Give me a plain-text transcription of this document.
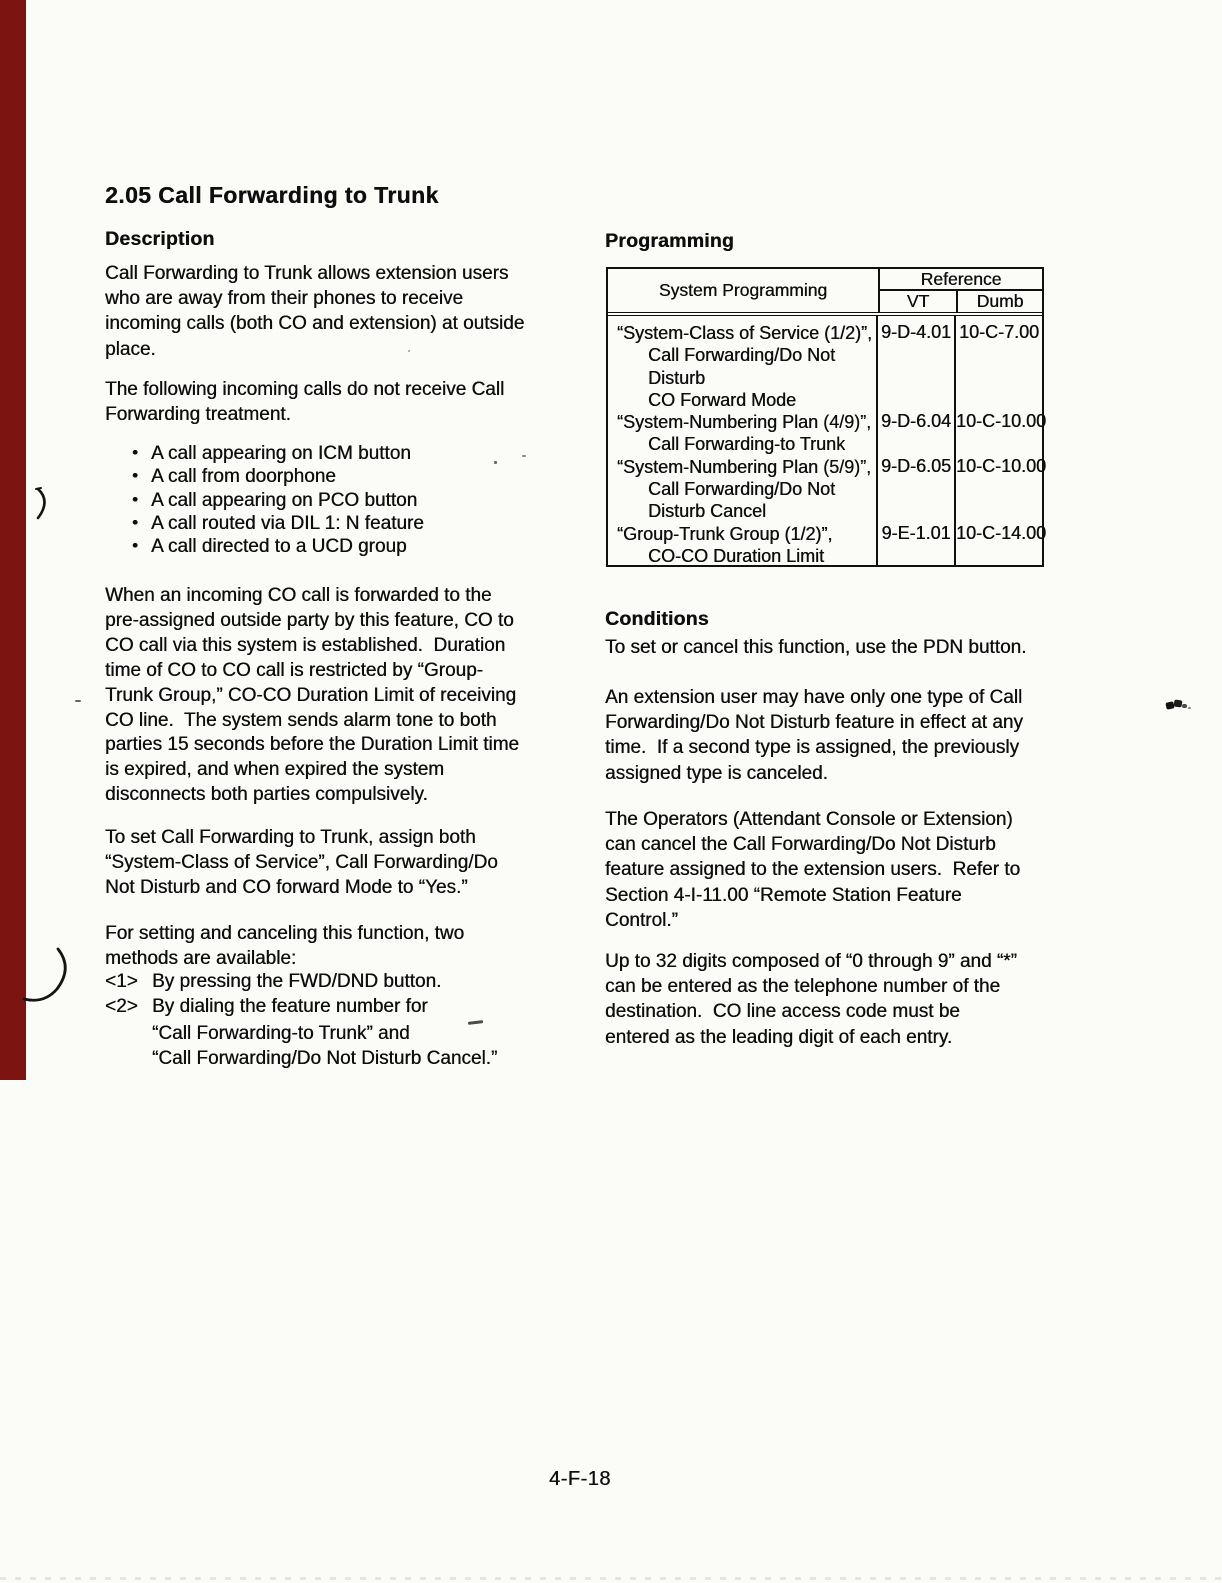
2.05 Call Forwarding to Trunk
Description
Call Forwarding to Trunk allows extension users
who are away from their phones to receive
incoming calls (both CO and extension) at outside
place.
The following incoming calls do not receive Call
Forwarding treatment.
• A call appearing on ICM button
• A call from doorphone
• A call appearing on PCO button
• A call routed via DIL 1: N feature
• A call directed to a UCD group
When an incoming CO call is forwarded to the
pre-assigned outside party by this feature, CO to
CO call via this system is established.  Duration
time of CO to CO call is restricted by “Group-
Trunk Group,” CO-CO Duration Limit of receiving
CO line.  The system sends alarm tone to both
parties 15 seconds before the Duration Limit time
is expired, and when expired the system
disconnects both parties compulsively.
To set Call Forwarding to Trunk, assign both
“System-Class of Service”, Call Forwarding/Do
Not Disturb and CO forward Mode to “Yes.”
For setting and canceling this function, two
methods are available:
<1> By pressing the FWD/DND button.
<2> By dialing the feature number for
“Call Forwarding-to Trunk” and
“Call Forwarding/Do Not Disturb Cancel.”
Programming
System Programming
Reference
VT	Dumb
“System-Class of Service (1/2)”,
Call Forwarding/Do Not
Disturb
CO Forward Mode
“System-Numbering Plan (4/9)”,
Call Forwarding-to Trunk
“System-Numbering Plan (5/9)”,
Call Forwarding/Do Not
Disturb Cancel
“Group-Trunk Group (1/2)”,
CO-CO Duration Limit
9-D-4.01
9-D-6.04
9-D-6.05
9-E-1.01
10-C-7.00
10-C-10.00
10-C-10.00
10-C-14.00
Conditions
To set or cancel this function, use the PDN button.
An extension user may have only one type of Call
Forwarding/Do Not Disturb feature in effect at any
time.  If a second type is assigned, the previously
assigned type is canceled.
The Operators (Attendant Console or Extension)
can cancel the Call Forwarding/Do Not Disturb
feature assigned to the extension users.  Refer to
Section 4-I-11.00 “Remote Station Feature
Control.”
Up to 32 digits composed of “0 through 9” and “*”
can be entered as the telephone number of the
destination.  CO line access code must be
entered as the leading digit of each entry.
4-F-18
